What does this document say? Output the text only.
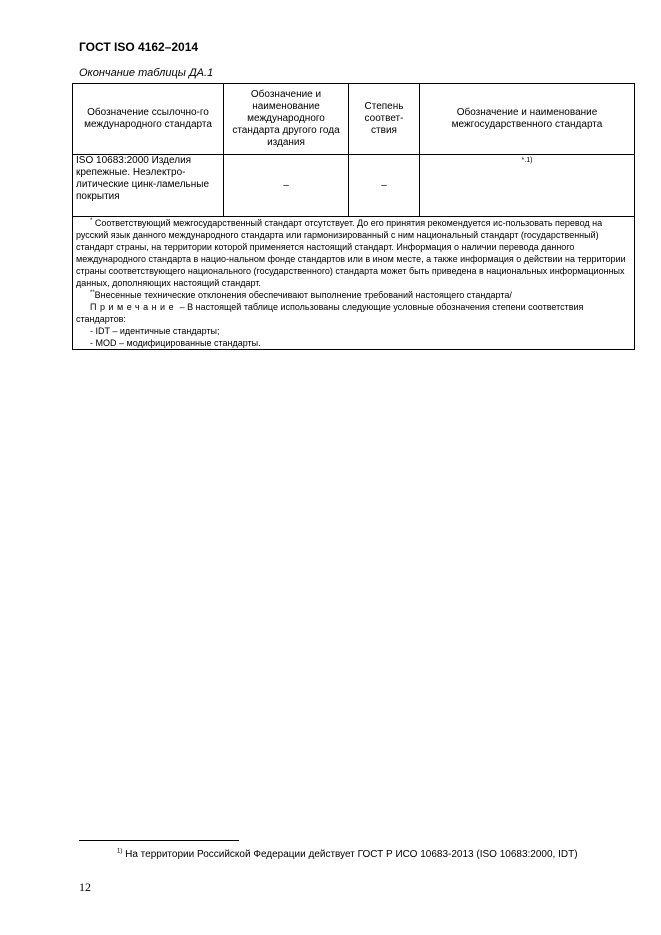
ГОСТ ISO 4162–2014
Окончание таблицы ДА.1
Обозначение ссылочно-го международного стандарта	Обозначение и наименование международного стандарта другого года издания	Степень соответ-ствия	Обозначение и наименование межгосударственного стандарта
ISO 10683:2000 Изделия крепежные. Неэлектро-литические цинк-ламельные покрытия	–	–	*.1)

* Соответствующий межгосударственный стандарт отсутствует. До его принятия рекомендуется ис-пользовать перевод на русский язык данного международного стандарта или гармонизированный с ним национальный стандарт (государственный) стандарт страны, на территории которой применяется настоящий стандарт. Информация о наличии перевода данного международного стандарта в нацио-нальном фонде стандартов или в ином месте, а также информация о действии на территории страны соответствующего национального (государственного) стандарта может быть приведена в национальных информационных данных, дополняющих настоящий стандарт.
**Внесенные технические отклонения обеспечивают выполнение требований настоящего стандарта/
Примечание – В настоящей таблице использованы следующие условные обозначения степени соответствия стандартов:
- IDT – идентичные стандарты;
- MOD – модифицированные стандарты.			
$^{1)}$ На территории Российской Федерации действует ГОСТ Р ИСО 10683-2013 (ISO 10683:2000, IDT)
12
